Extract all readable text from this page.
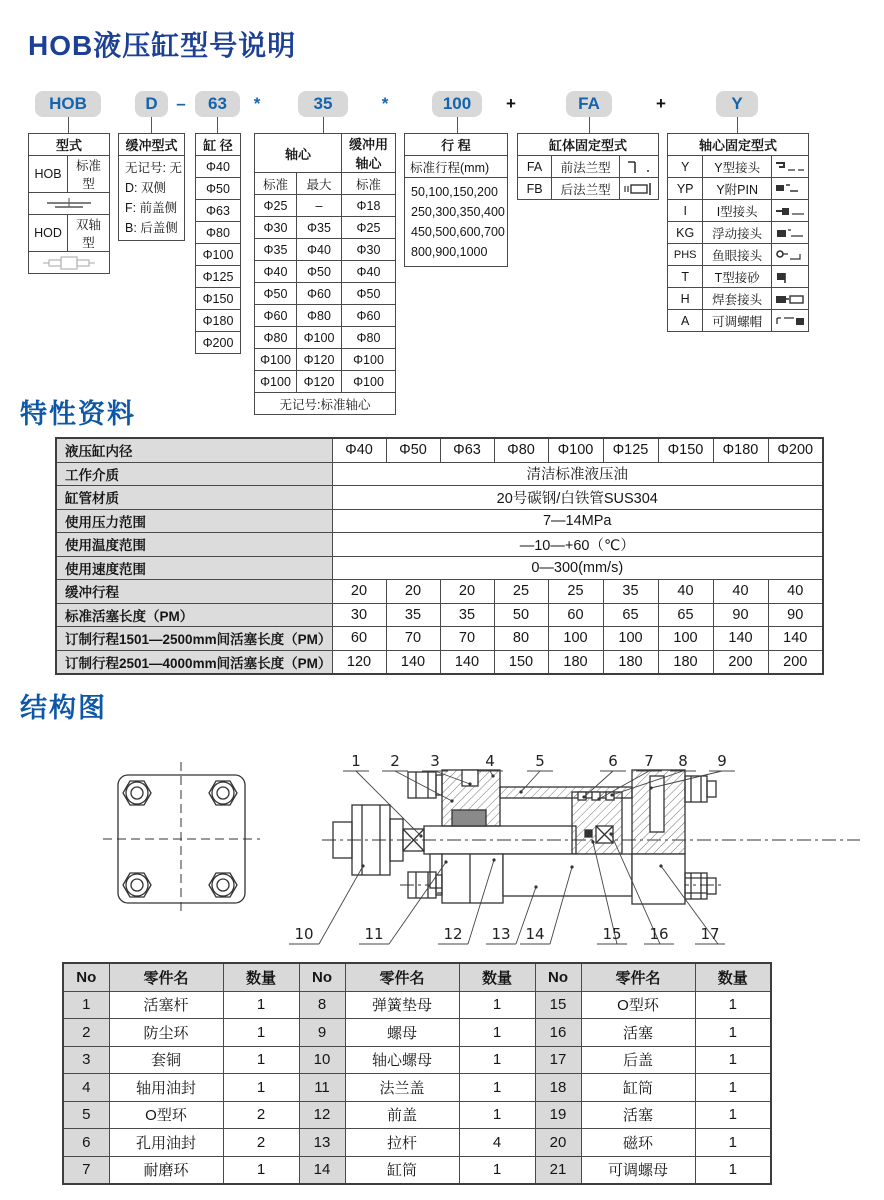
HOB液压缸型号说明
HOB	D	63	35	100	FA	Y
–	*	*	+	+
型式	
HOB	标准型

HOD	双轴型

缓冲型式

无记号: 无
D: 双侧
F: 前盖侧
B: 后盖侧
缸 径
Φ40
Φ50
Φ63
Φ80
Φ100
Φ125
Φ150
Φ180
Φ200
轴心		缓冲用轴心
标准	最大	标准
Φ25	–	Φ18
Φ30	Φ35	Φ25
Φ35	Φ40	Φ30
Φ40	Φ50	Φ40
Φ50	Φ60	Φ50
Φ60	Φ80	Φ60
Φ80	Φ100	Φ80
Φ100	Φ120	Φ100
Φ100	Φ120	Φ100
无记号:标准轴心		
行 程
标准行程(mm)

50,100,150,200
250,300,350,400
450,500,600,700
800,900,1000
缸体固定型式		
FA	前法兰型	
FB	后法兰型	
轴心固定型式		
Y	Y型接头	
YP	Y附PIN	
I	I型接头	
KG	浮动接头	
PHS	鱼眼接头	
T	T型接砂	
H	焊套接头	
A	可调螺帽	
特性资料
液压缸内径	Φ40	Φ50	Φ63	Φ80	Φ100	Φ125	Φ150	Φ180	Φ200
工作介质	清洁标准液压油								
缸管材质	20号碳钢/白铁管SUS304								
使用压力范围	7—14MPa								
使用温度范围	—10—+60（℃）								
使用速度范围	0—300(mm/s)								
缓冲行程	20	20	20	25	25	35	40	40	40
标准活塞长度（PM）	30	35	35	50	60	65	65	90	90
订制行程1501—2500mm间活塞长度（PM）	60	70	70	80	100	100	100	140	140
订制行程2501—4000mm间活塞长度（PM）	120	140	140	150	180	180	180	200	200
结构图
1 2 3	4	5	6 7 8 9
10	11	12 13 14	15 16 17
No	零件名	数量	No	零件名	数量	No	零件名	数量
1	活塞杆	1	8	弹簧垫母	1	15	O型环	1
2	防尘环	1	9	螺母	1	16	活塞	1
3	套铜	1	10	轴心螺母	1	17	后盖	1
4	轴用油封	1	11	法兰盖	1	18	缸筒	1
5	O型环	2	12	前盖	1	19	活塞	1
6	孔用油封	2	13	拉杆	4	20	磁环	1
7	耐磨环	1	14	缸筒	1	21	可调螺母	1
